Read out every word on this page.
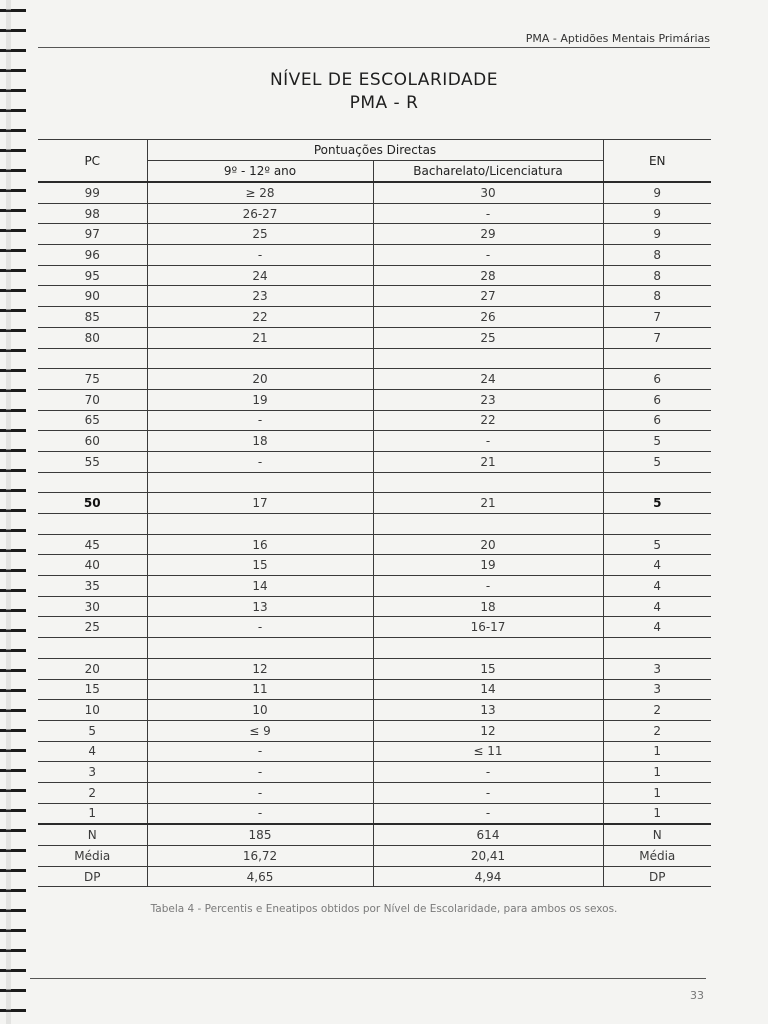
PMA - Aptidões Mentais Primárias
NÍVEL DE ESCOLARIDADE
PMA - R
PC	Pontuações Directas		EN
	9º - 12º ano	Bacharelato/Licenciatura	
99	≥ 28	30	9
98	26-27	-	9
97	25	29	9
96	-	-	8
95	24	28	8
90	23	27	8
85	22	26	7
80	21	25	7

75	20	24	6
70	19	23	6
65	-	22	6
60	18	-	5
55	-	21	5

50	17	21	5

45	16	20	5
40	15	19	4
35	14	-	4
30	13	18	4
25	-	16-17	4

20	12	15	3
15	11	14	3
10	10	13	2
5	≤ 9	12	2
4	-	≤ 11	1
3	-	-	1
2	-	-	1
1	-	-	1
N	185	614	N
Média	16,72	20,41	Média
DP	4,65	4,94	DP
Tabela 4 - Percentis e Eneatipos obtidos por Nível de Escolaridade, para ambos os sexos.
33
